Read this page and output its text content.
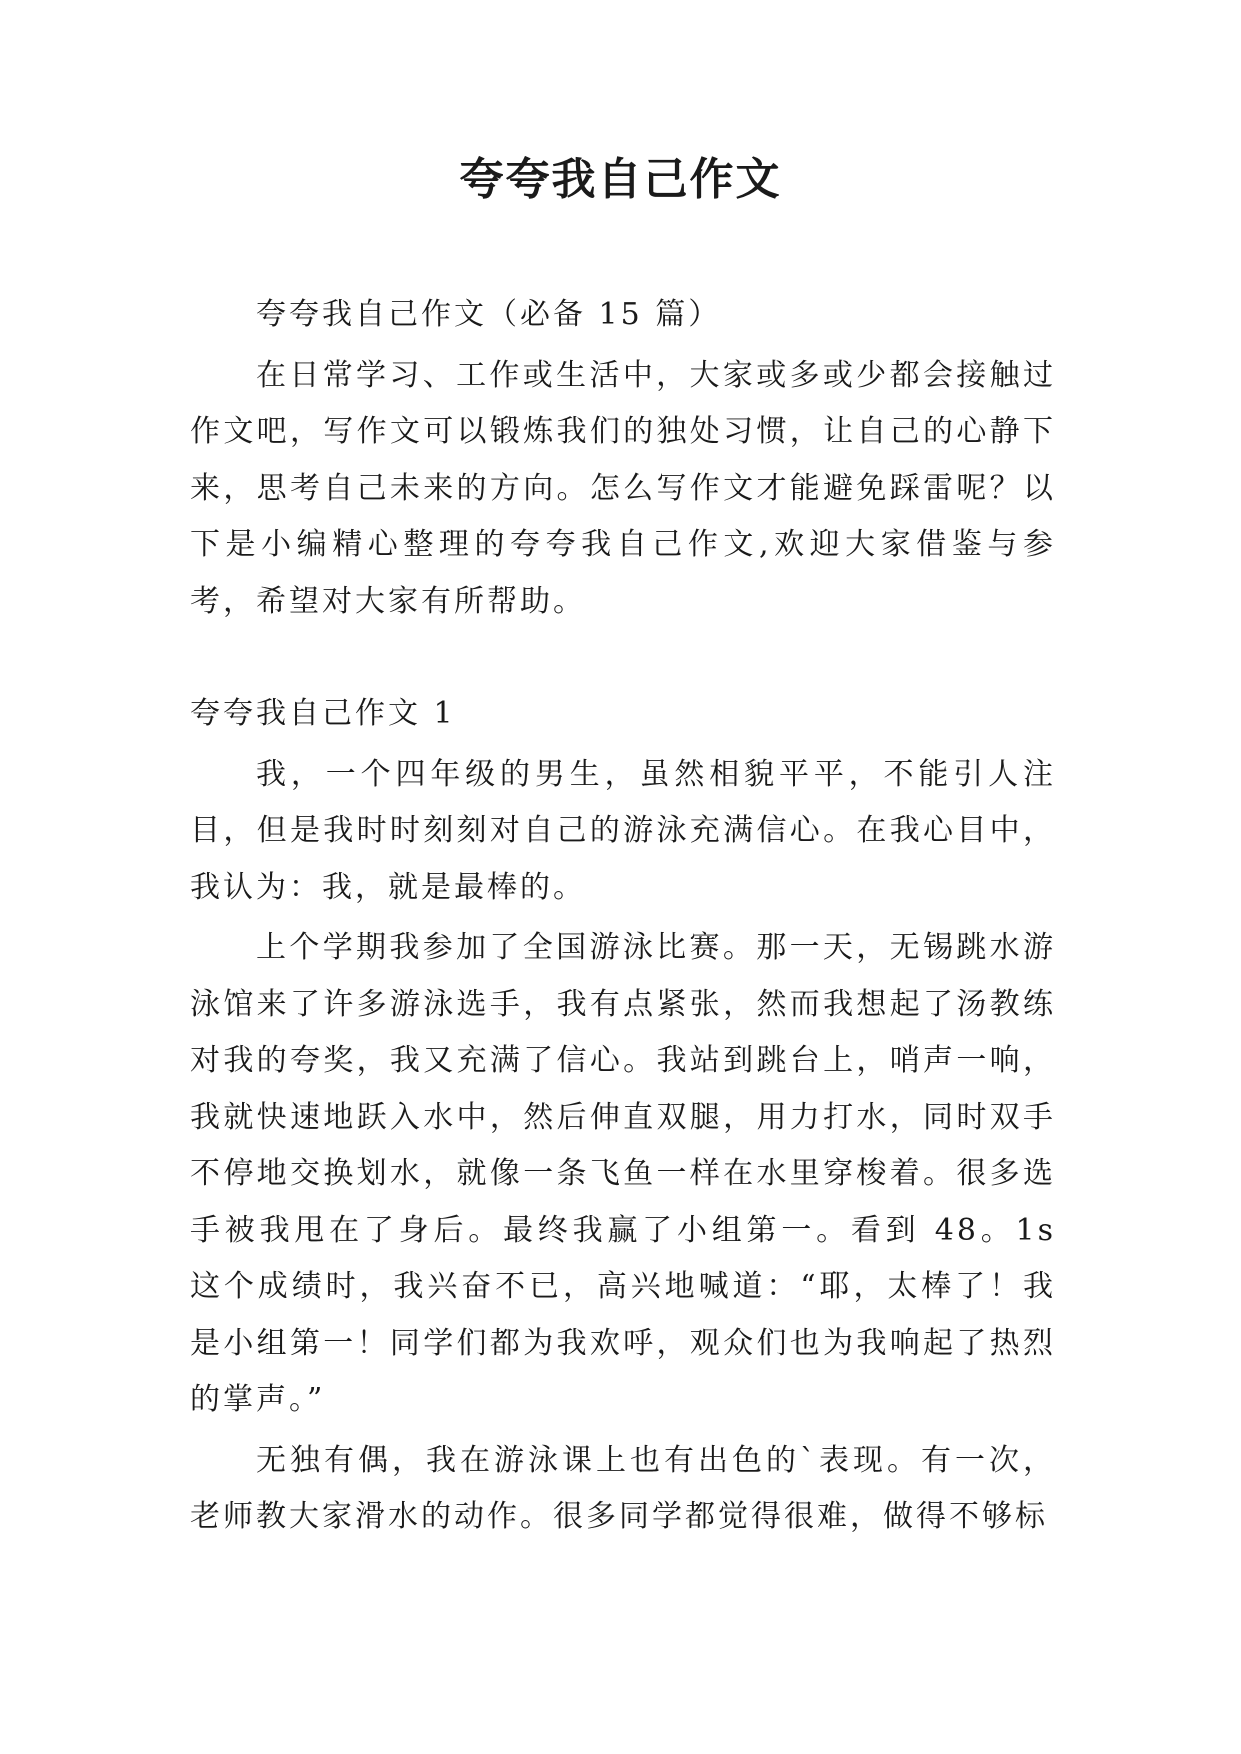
夸夸我自己作文

夸夸我自己作文（必备 15 篇）

在日常学习、工作或生活中，大家或多或少都会接触过作文吧，写作文可以锻炼我们的独处习惯，让自己的心静下来，思考自己未来的方向。怎么写作文才能避免踩雷呢？以下是小编精心整理的夸夸我自己作文,欢迎大家借鉴与参考，希望对大家有所帮助。

夸夸我自己作文 1

我，一个四年级的男生，虽然相貌平平，不能引人注目，但是我时时刻刻对自己的游泳充满信心。在我心目中，我认为：我，就是最棒的。

上个学期我参加了全国游泳比赛。那一天，无锡跳水游泳馆来了许多游泳选手，我有点紧张，然而我想起了汤教练对我的夸奖，我又充满了信心。我站到跳台上，哨声一响，我就快速地跃入水中，然后伸直双腿，用力打水，同时双手不停地交换划水，就像一条飞鱼一样在水里穿梭着。很多选手被我甩在了身后。最终我赢了小组第一。看到 48。1s 这个成绩时，我兴奋不已，高兴地喊道：“耶，太棒了！我是小组第一！同学们都为我欢呼，观众们也为我响起了热烈的掌声。”

无独有偶，我在游泳课上也有出色的`表现。有一次，老师教大家滑水的动作。很多同学都觉得很难，做得不够标
